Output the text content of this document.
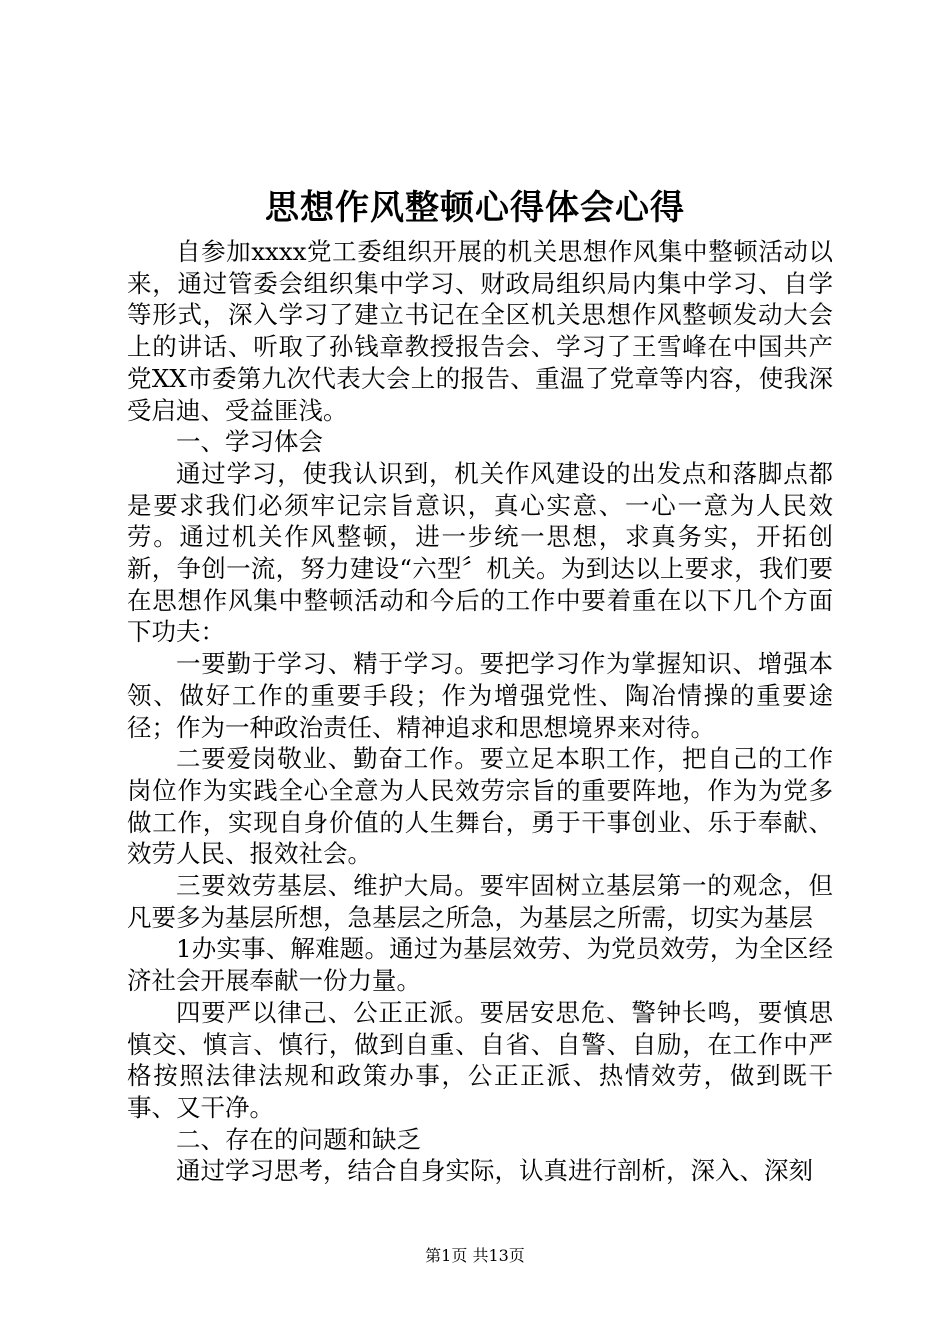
思想作风整顿心得体会心得

自参加xxxx党工委组织开展的机关思想作风集中整顿活动以来，通过管委会组织集中学习、财政局组织局内集中学习、自学等形式，深入学习了建立书记在全区机关思想作风整顿发动大会上的讲话、听取了孙钱章教授报告会、学习了王雪峰在中国共产党XX市委第九次代表大会上的报告、重温了党章等内容，使我深受启迪、受益匪浅。

一、学习体会

通过学习，使我认识到，机关作风建设的出发点和落脚点都是要求我们必须牢记宗旨意识，真心实意、一心一意为人民效劳。通过机关作风整顿，进一步统一思想，求真务实，开拓创新，争创一流，努力建设“六型〞机关。为到达以上要求，我们要在思想作风集中整顿活动和今后的工作中要着重在以下几个方面下功夫：

一要勤于学习、精于学习。要把学习作为掌握知识、增强本领、做好工作的重要手段；作为增强党性、陶冶情操的重要途径；作为一种政治责任、精神追求和思想境界来对待。

二要爱岗敬业、勤奋工作。要立足本职工作，把自己的工作岗位作为实践全心全意为人民效劳宗旨的重要阵地，作为为党多做工作，实现自身价值的人生舞台，勇于干事创业、乐于奉献、效劳人民、报效社会。

三要效劳基层、维护大局。要牢固树立基层第一的观念，但凡要多为基层所想，急基层之所急，为基层之所需，切实为基层

1办实事、解难题。通过为基层效劳、为党员效劳，为全区经济社会开展奉献一份力量。

四要严以律己、公正正派。要居安思危、警钟长鸣，要慎思慎交、慎言、慎行，做到自重、自省、自警、自励，在工作中严格按照法律法规和政策办事，公正正派、热情效劳，做到既干事、又干净。

二、存在的问题和缺乏

通过学习思考，结合自身实际，认真进行剖析，深入、深刻

第1页 共13页
